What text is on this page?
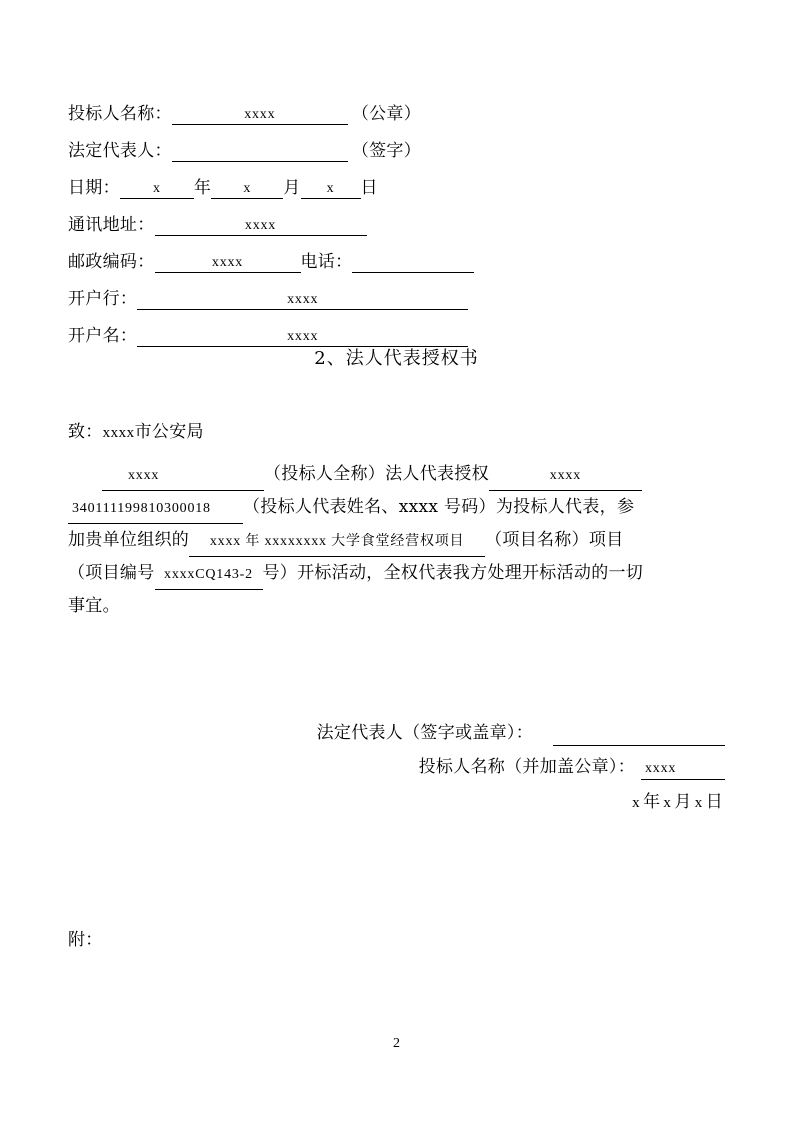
投标人名称：	xxxx	（公章）
法定代表人：	（签字）
日期：	x	年	x	月	x	日
通讯地址：	xxxx
邮政编码：	xxxx	电话：
开户行：	xxxx
开户名：	xxxx
2、法人代表授权书
致：xxxx市公安局
xxxx	（投标人全称）法人代表授权	xxxx
340111199810300018 （投标人代表姓名、xxxx 号码）为投标人代表，参
加贵单位组织的 xxxx 年 xxxxxxxx 大学食堂经营权项目 （项目名称）项目
（项目编号 xxxxCQ143-2 号）开标活动，全权代表我方处理开标活动的一切
事宜。
法定代表人（签字或盖章）：
投标人名称（并加盖公章）： xxxx
x 年 x 月 x 日
附：
2
